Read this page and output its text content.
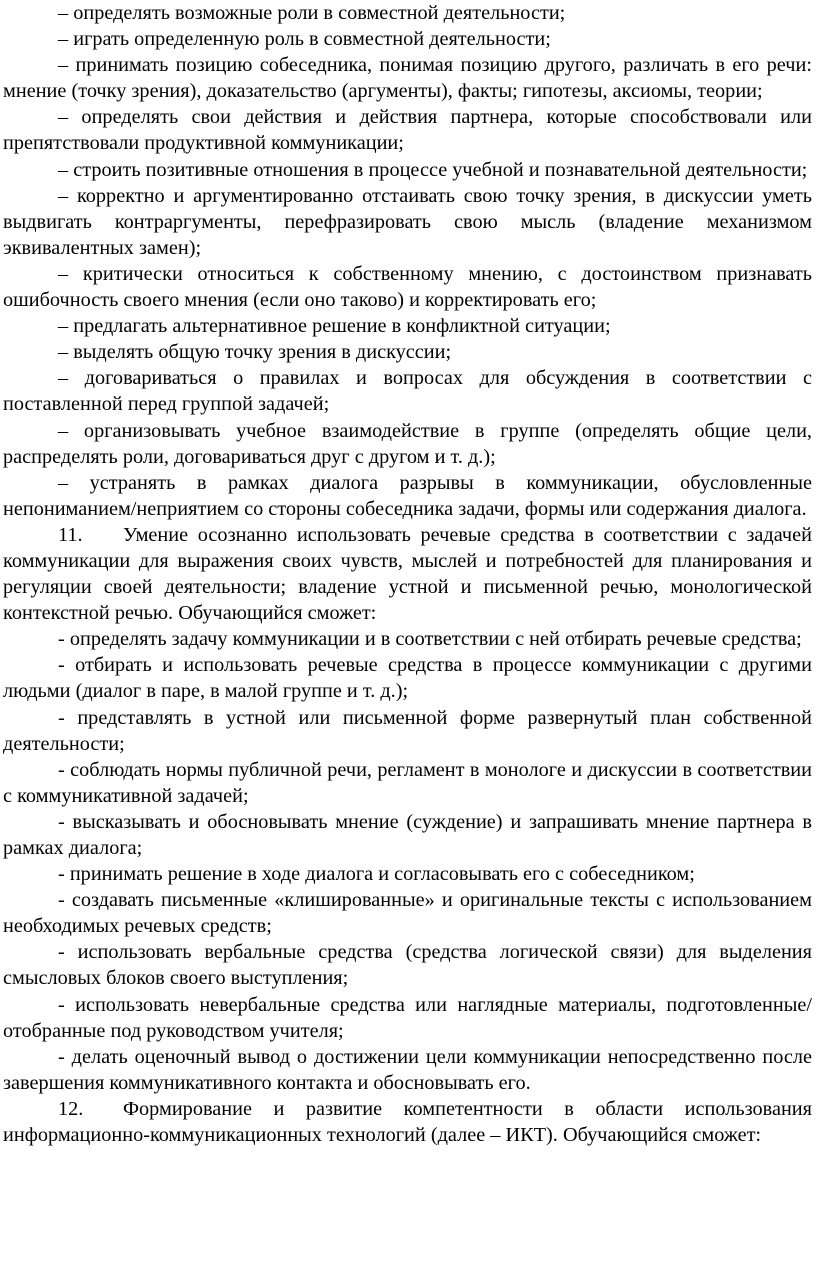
– определять возможные роли в совместной деятельности;

– играть определенную роль в совместной деятельности;

– принимать позицию собеседника, понимая позицию другого, различать в его речи: мнение (точку зрения), доказательство (аргументы), факты; гипотезы, аксиомы, теории;

– определять свои действия и действия партнера, которые способствовали или препятствовали продуктивной коммуникации;

– строить позитивные отношения в процессе учебной и познавательной деятельности;

– корректно и аргументированно отстаивать свою точку зрения, в дискуссии уметь выдвигать контраргументы, перефразировать свою мысль (владение механизмом эквивалентных замен);

– критически относиться к собственному мнению, с достоинством признавать ошибочность своего мнения (если оно таково) и корректировать его;

– предлагать альтернативное решение в конфликтной ситуации;

– выделять общую точку зрения в дискуссии;

– договариваться о правилах и вопросах для обсуждения в соответствии с поставленной перед группой задачей;

– организовывать учебное взаимодействие в группе (определять общие цели, распределять роли, договариваться друг с другом и т. д.);

– устранять в рамках диалога разрывы в коммуникации, обусловленные непониманием/неприятием со стороны собеседника задачи, формы или содержания диалога.

11. Умение осознанно использовать речевые средства в соответствии с задачей коммуникации для выражения своих чувств, мыслей и потребностей для планирования и регуляции своей деятельности; владение устной и письменной речью, монологической контекстной речью. Обучающийся сможет:

- определять задачу коммуникации и в соответствии с ней отбирать речевые средства;

- отбирать и использовать речевые средства в процессе коммуникации с другими людьми (диалог в паре, в малой группе и т. д.);

- представлять в устной или письменной форме развернутый план собственной деятельности;

- соблюдать нормы публичной речи, регламент в монологе и дискуссии в соответствии с коммуникативной задачей;

- высказывать и обосновывать мнение (суждение) и запрашивать мнение партнера в рамках диалога;

- принимать решение в ходе диалога и согласовывать его с собеседником;

- создавать письменные «клишированные» и оригинальные тексты с использованием необходимых речевых средств;

- использовать вербальные средства (средства логической связи) для выделения смысловых блоков своего выступления;

- использовать невербальные средства или наглядные материалы, подготовленные/отобранные под руководством учителя;

- делать оценочный вывод о достижении цели коммуникации непосредственно после завершения коммуникативного контакта и обосновывать его.

12. Формирование и развитие компетентности в области использования информационно-коммуникационных технологий (далее – ИКТ). Обучающийся сможет:
